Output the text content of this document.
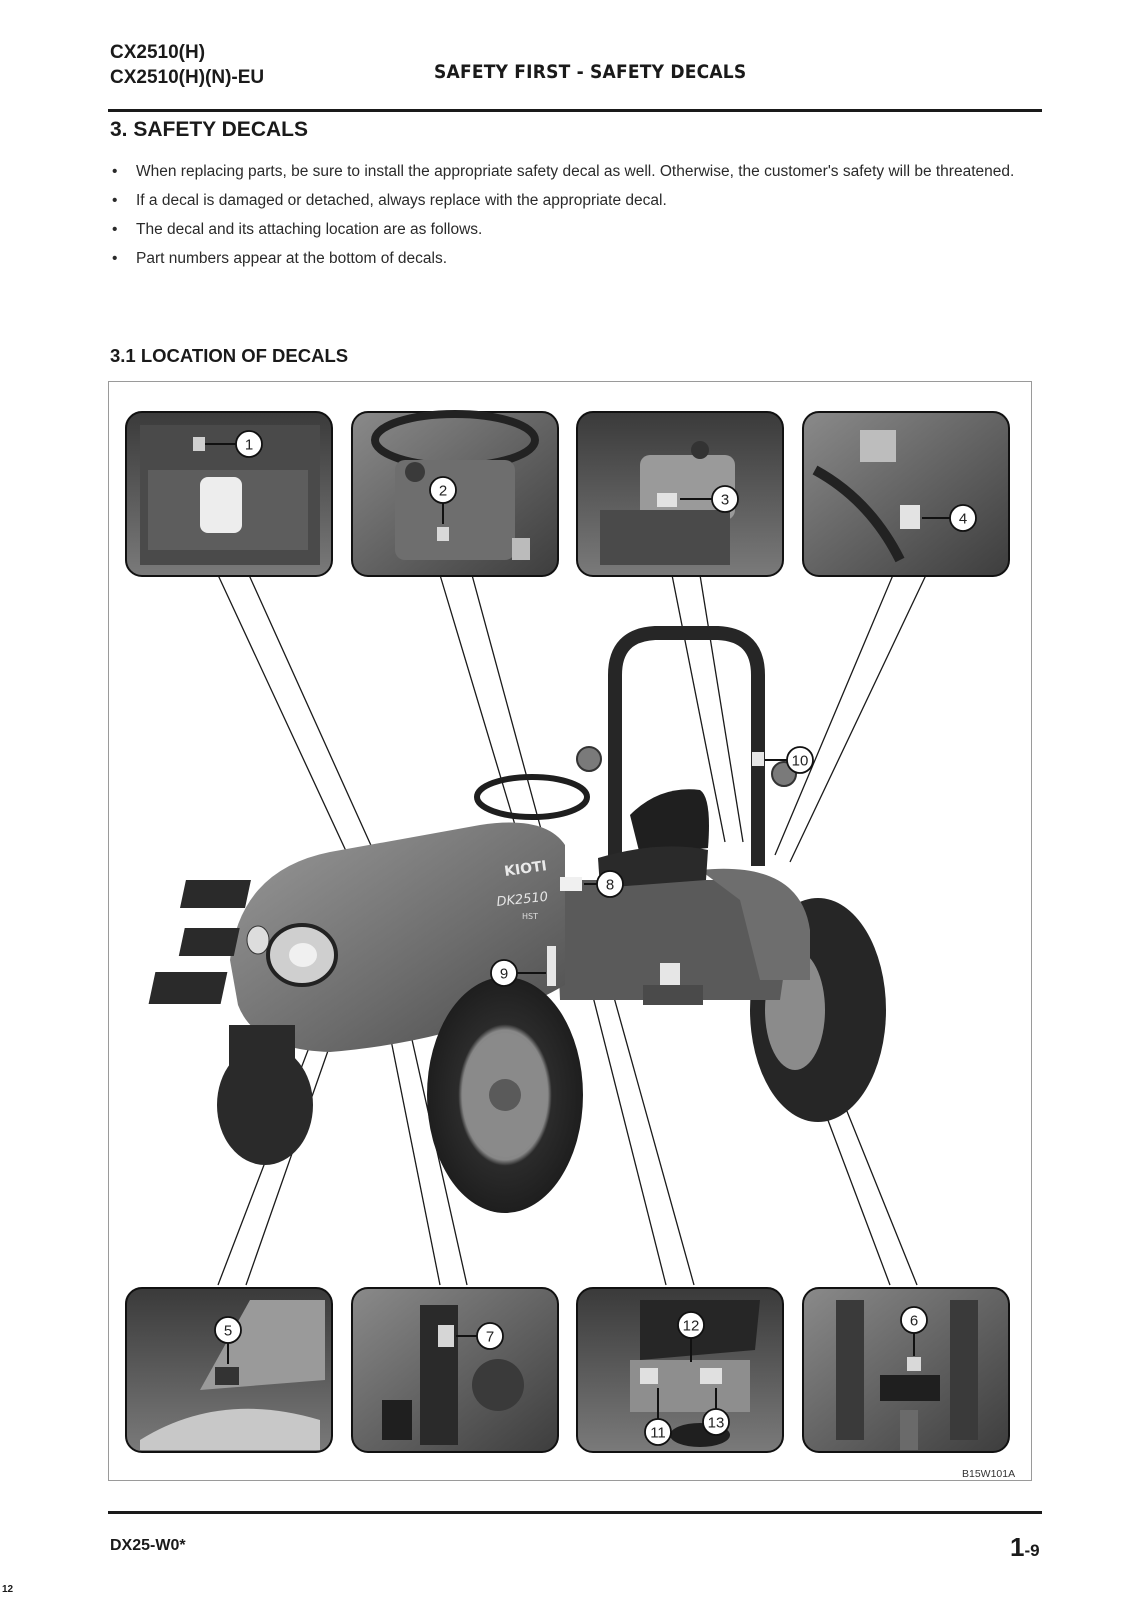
CX2510(H)
CX2510(H)(N)-EU	SAFETY FIRST - SAFETY DECALS
3. SAFETY DECALS
• When replacing parts, be sure to install the appropriate safety decal as well. Otherwise, the customer's safety will be threatened.
• If a decal is damaged or detached, always replace with the appropriate decal.
• The decal and its attaching location are as follows.
• Part numbers appear at the bottom of decals.
3.1 LOCATION OF DECALS
KIOTI
DK2510
HST
1
2
3
4
10
8
9
5	7
12
11
13
6
B15W101A
DX25-W0*	1-9
12
